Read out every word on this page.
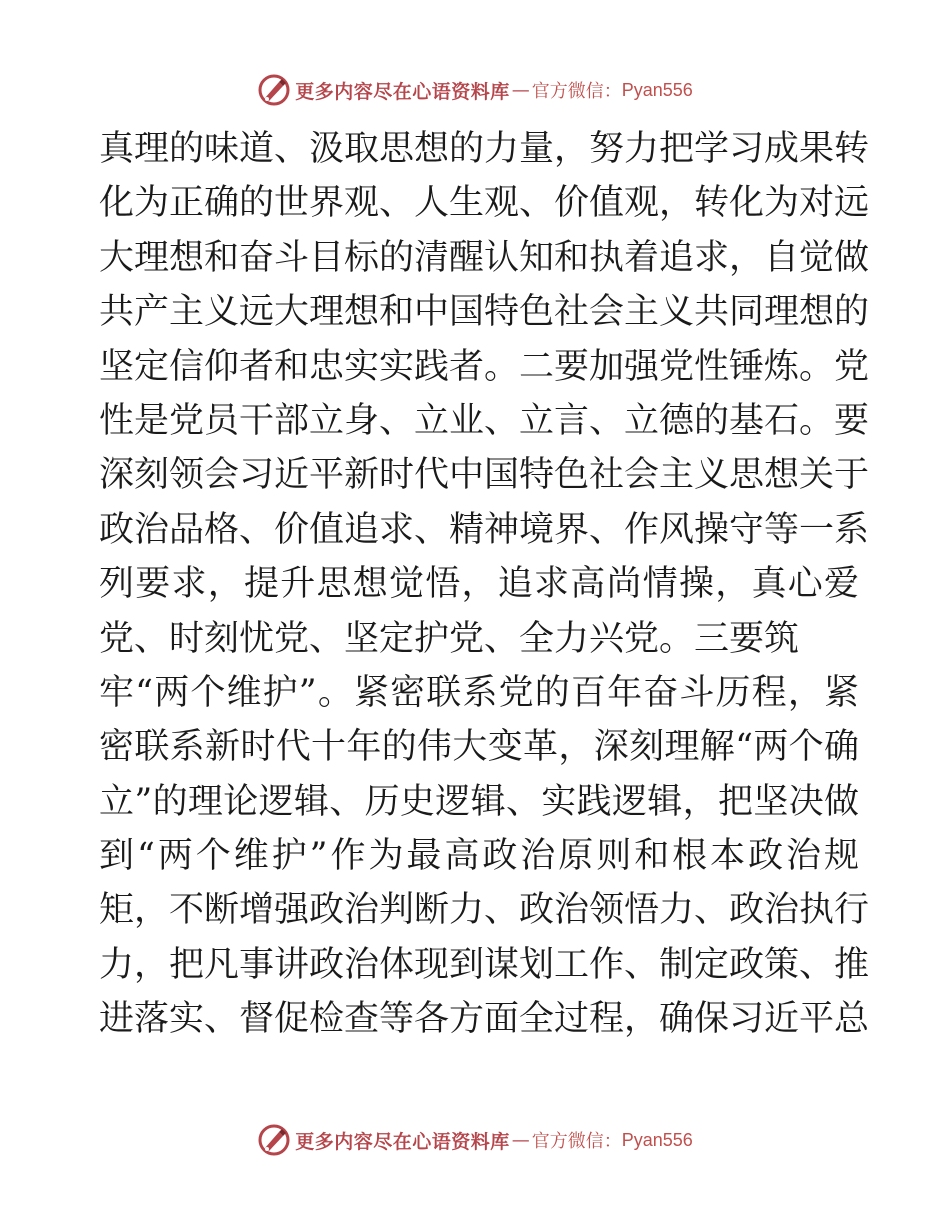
更多内容尽在心语资料库 — 官方微信： Pyan556
真理的味道、汲取思想的力量，努力把学习成果转
化为正确的世界观、人生观、价值观，转化为对远
大理想和奋斗目标的清醒认知和执着追求，自觉做
共产主义远大理想和中国特色社会主义共同理想的
坚定信仰者和忠实实践者。二要加强党性锤炼。党
性是党员干部立身、立业、立言、立德的基石。要
深刻领会习近平新时代中国特色社会主义思想关于
政治品格、价值追求、精神境界、作风操守等一系
列要求，提升思想觉悟，追求高尚情操，真心爱
党、时刻忧党、坚定护党、全力兴党。三要筑
牢“两个维护”。紧密联系党的百年奋斗历程，紧
密联系新时代十年的伟大变革，深刻理解“两个确
立”的理论逻辑、历史逻辑、实践逻辑，把坚决做
到“两个维护”作为最高政治原则和根本政治规
矩，不断增强政治判断力、政治领悟力、政治执行
力，把凡事讲政治体现到谋划工作、制定政策、推
进落实、督促检查等各方面全过程，确保习近平总
更多内容尽在心语资料库 — 官方微信： Pyan556
